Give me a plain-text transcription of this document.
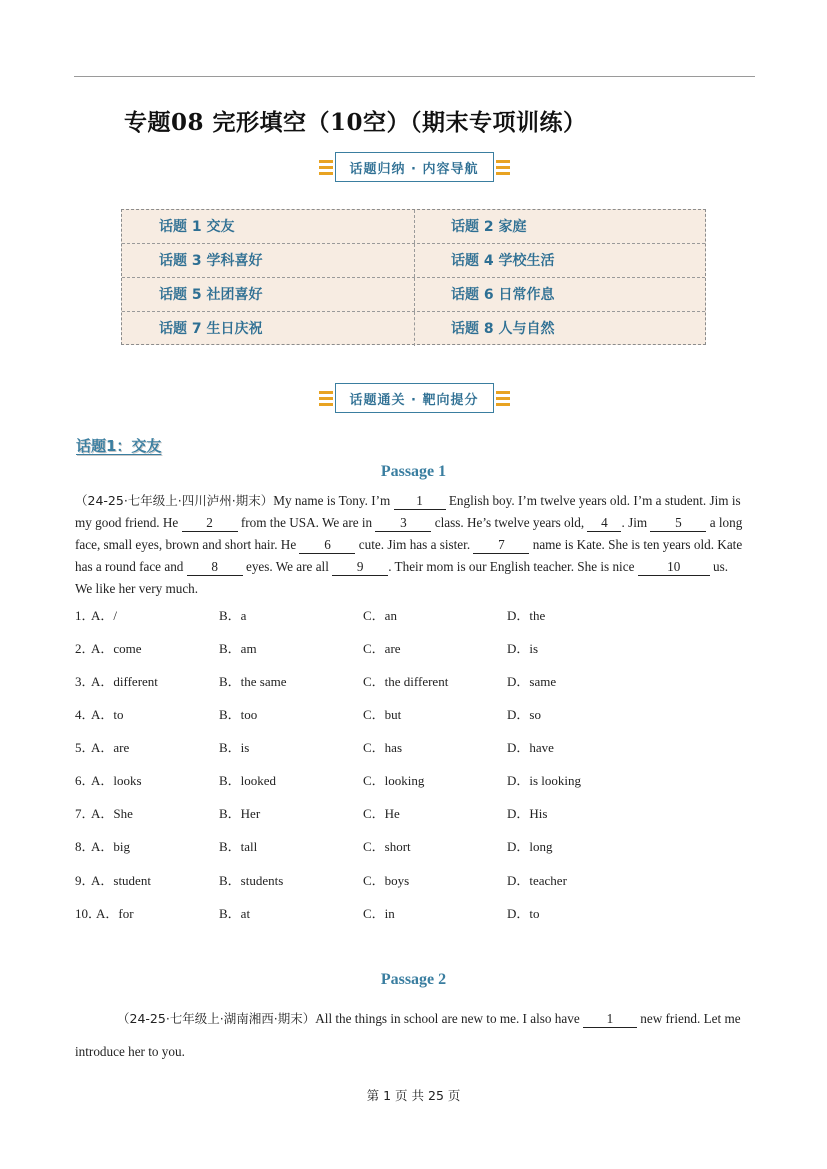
专题08 完形填空（10空）（期末专项训练）
话题归纳 · 内容导航
话题 1 交友	话题 2 家庭
话题 3 学科喜好	话题 4 学校生活
话题 5 社团喜好	话题 6 日常作息
话题 7 生日庆祝	话题 8 人与自然
话题通关 · 靶向提分
话题1：交友
Passage 1
（24-25·七年级上·四川泸州·期末）My name is Tony. I’m 1 English boy. I’m twelve years old. I’m a student. Jim is my good friend. He 2 from the USA. We are in 3 class. He’s twelve years old, 4 . Jim 5 a long face, small eyes, brown and short hair. He 6 cute. Jim has a sister. 7 name is Kate. She is ten years old. Kate has a round face and 8 eyes. We are all 9 . Their mom is our English teacher. She is nice 10 us. We like her very much.
1．
A．/	B．a	C．an	D．the
2．
A．come	B．am	C．are	D．is
3．
A．different	B．the same	C．the different	D．same
4．
A．to	B．too	C．but	D．so
5．
A．are	B．is	C．has	D．have
6．
A．looks	B．looked	C．looking	D．is looking
7．
A．She	B．Her	C．He	D．His
8．
A．big	B．tall	C．short	D．long
9．
A．student	B．students	C．boys	D．teacher
10．
A．for	B．at	C．in	D．to
Passage 2
（24-25·七年级上·湖南湘西·期末）All the things in school are new to me. I also have 1 new friend. Let me introduce her to you.
第 1 页 共 25 页
